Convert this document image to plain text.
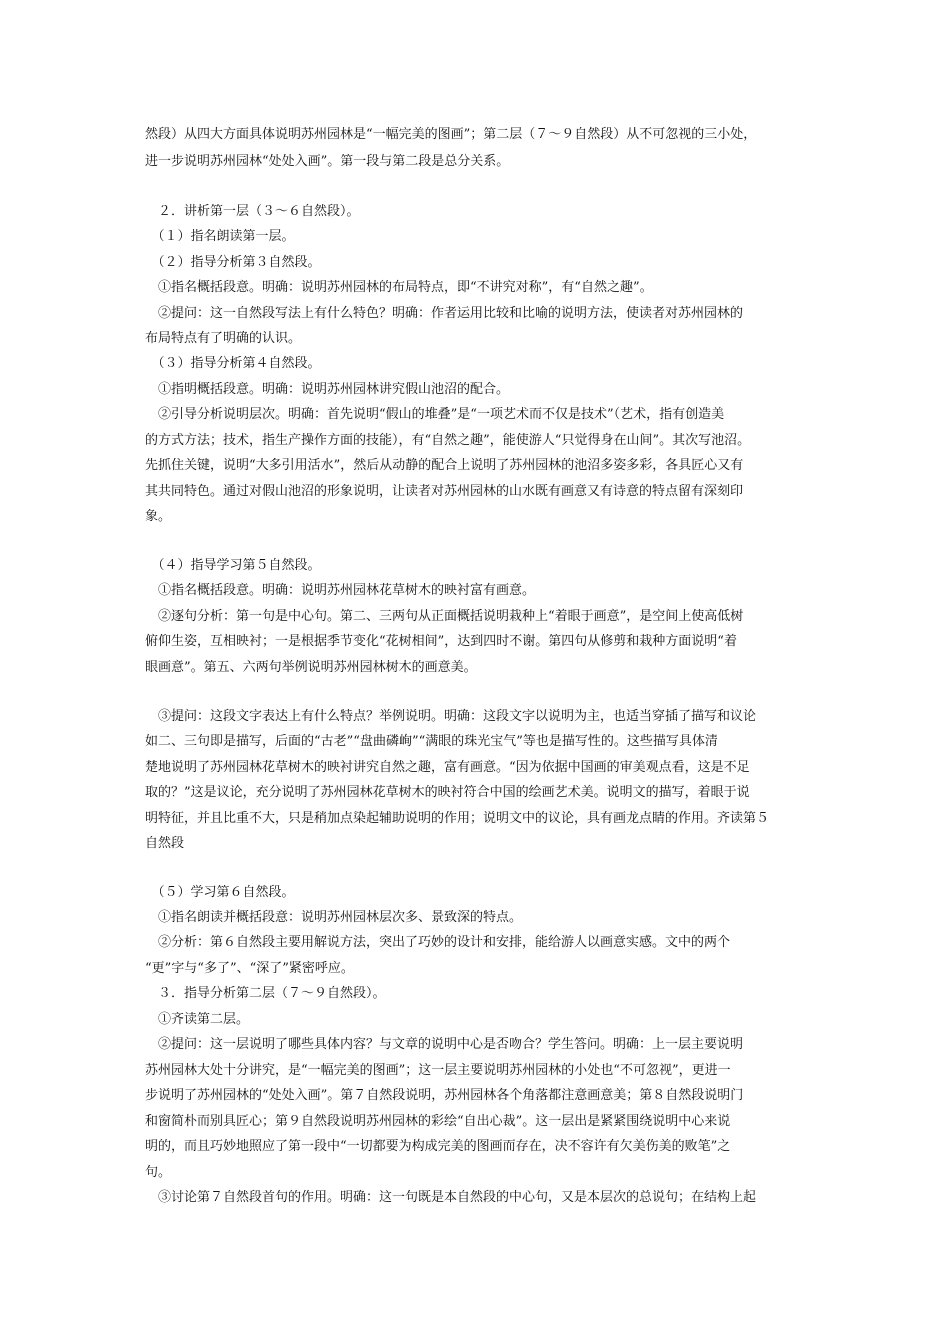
然段）从四大方面具体说明苏州园林是“一幅完美的图画”；第二层（７～９自然段）从不可忽视的三小处，
进一步说明苏州园林“处处入画”。第一段与第二段是总分关系。
　２．讲析第一层（３～６自然段）。
　（１）指名朗读第一层。
　（２）指导分析第３自然段。
　①指名概括段意。明确：说明苏州园林的布局特点，即“不讲究对称”，有“自然之趣”。
　②提问：这一自然段写法上有什么特色？明确：作者运用比较和比喻的说明方法，使读者对苏州园林的
布局特点有了明确的认识。
　（３）指导分析第４自然段。
　①指明概括段意。明确：说明苏州园林讲究假山池沼的配合。
　②引导分析说明层次。明确：首先说明“假山的堆叠”是“一项艺术而不仅是技术”（艺术，指有创造美
的方式方法；技术，指生产操作方面的技能），有“自然之趣”，能使游人“只觉得身在山间”。其次写池沼。
先抓住关键，说明“大多引用活水”，然后从动静的配合上说明了苏州园林的池沼多姿多彩，各具匠心又有
其共同特色。通过对假山池沼的形象说明，让读者对苏州园林的山水既有画意又有诗意的特点留有深刻印
象。
　（４）指导学习第５自然段。
　①指名概括段意。明确：说明苏州园林花草树木的映衬富有画意。
　②逐句分析：第一句是中心句。第二、三两句从正面概括说明栽种上“着眼于画意”，是空间上使高低树
俯仰生姿，互相映衬；一是根据季节变化“花树相间”，达到四时不谢。第四句从修剪和栽种方面说明“着
眼画意”。第五、六两句举例说明苏州园林树木的画意美。
　③提问：这段文字表达上有什么特点？举例说明。明确：这段文字以说明为主，也适当穿插了描写和议论
如二、三句即是描写，后面的“古老”“盘曲磷峋”“满眼的珠光宝气”等也是描写性的。这些描写具体清
楚地说明了苏州园林花草树木的映衬讲究自然之趣，富有画意。“因为依据中国画的审美观点看，这是不足
取的？”这是议论，充分说明了苏州园林花草树木的映衬符合中国的绘画艺术美。说明文的描写，着眼于说
明特征，并且比重不大，只是稍加点染起辅助说明的作用；说明文中的议论，具有画龙点睛的作用。齐读第５
自然段
　（５）学习第６自然段。
　①指名朗读并概括段意：说明苏州园林层次多、景致深的特点。
　②分析：第６自然段主要用解说方法，突出了巧妙的设计和安排，能给游人以画意实感。文中的两个
“更”字与“多了”、“深了”紧密呼应。
　３．指导分析第二层（７～９自然段）。
　①齐读第二层。
　②提问：这一层说明了哪些具体内容？与文章的说明中心是否吻合？学生答问。明确：上一层主要说明
苏州园林大处十分讲究，是“一幅完美的图画”；这一层主要说明苏州园林的小处也“不可忽视”，更进一
步说明了苏州园林的“处处入画”。第７自然段说明，苏州园林各个角落都注意画意美；第８自然段说明门
和窗简朴而别具匠心；第９自然段说明苏州园林的彩绘“自出心裁”。这一层出是紧紧围绕说明中心来说
明的，而且巧妙地照应了第一段中“一切都要为构成完美的图画而存在，决不容许有欠美伤美的败笔”之
句。
　③讨论第７自然段首句的作用。明确：这一句既是本自然段的中心句，又是本层次的总说句；在结构上起
